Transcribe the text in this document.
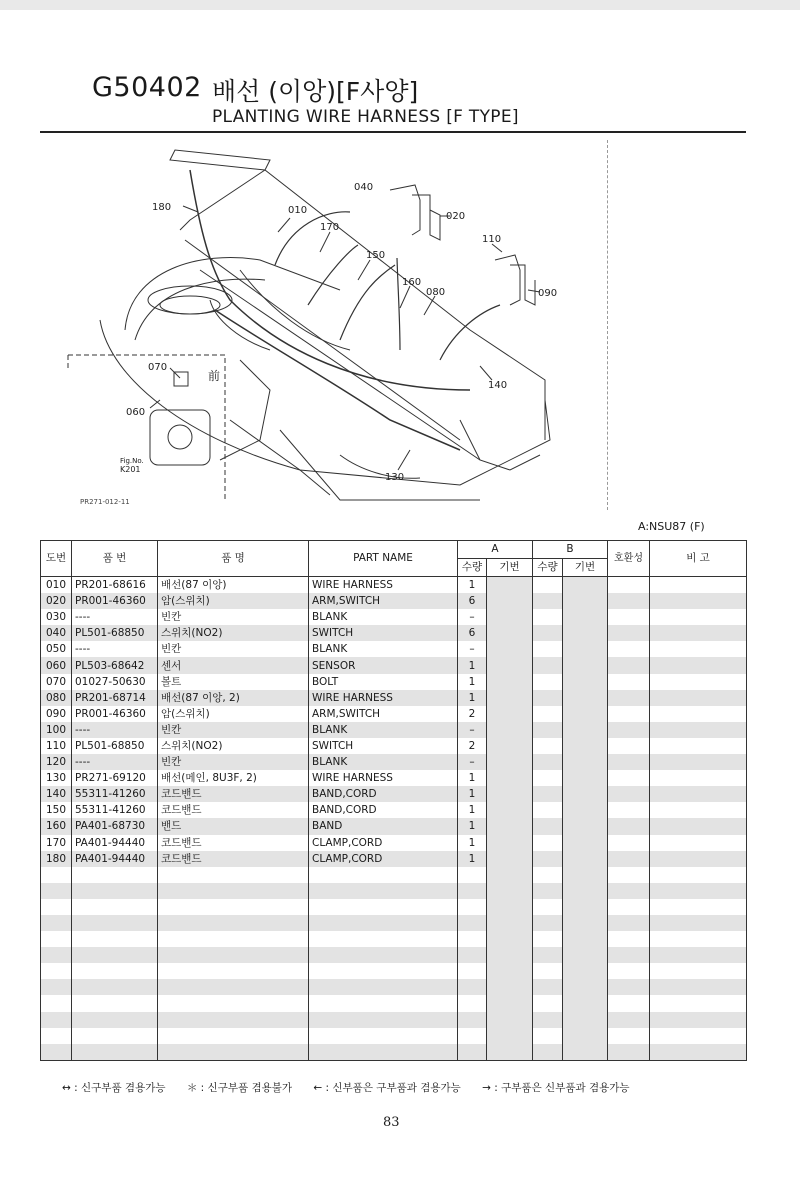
G50402 배선 (이앙)[F사양]
PLANTING WIRE HARNESS [F TYPE]
180	010
040
020
170
150
110
160
080	090
140
130
070
060
前
Fig.No.
K201
PR271-012-11
A:NSU87 (F)
도번	품 번	품 명	PART NAME	A		B		호환성	비 고
				수량	기번	수량	기번		
010	PR201-68616	배선(87 이앙)	WIRE HARNESS	1					
020	PR001-46360	암(스위치)	ARM,SWITCH	6					
030	----	빈칸	BLANK	–					
040	PL501-68850	스위치(NO2)	SWITCH	6					
050	----	빈칸	BLANK	–					
060	PL503-68642	센서	SENSOR	1					
070	01027-50630	볼트	BOLT	1					
080	PR201-68714	배선(87 이앙, 2)	WIRE HARNESS	1					
090	PR001-46360	암(스위치)	ARM,SWITCH	2					
100	----	빈칸	BLANK	–					
110	PL501-68850	스위치(NO2)	SWITCH	2					
120	----	빈칸	BLANK	–					
130	PR271-69120	배선(메인, 8U3F, 2)	WIRE HARNESS	1					
140	55311-41260	코드밴드	BAND,CORD	1					
150	55311-41260	코드밴드	BAND,CORD	1					
160	PA401-68730	밴드	BAND	1					
170	PA401-94440	코드밴드	CLAMP,CORD	1					
180	PA401-94440	코드밴드	CLAMP,CORD	1					

↔ : 신구부품 겸용가능 ＊ : 신구부품 겸용불가 ← : 신부품은 구부품과 겸용가능 → : 구부품은 신부품과 겸용가능
83
